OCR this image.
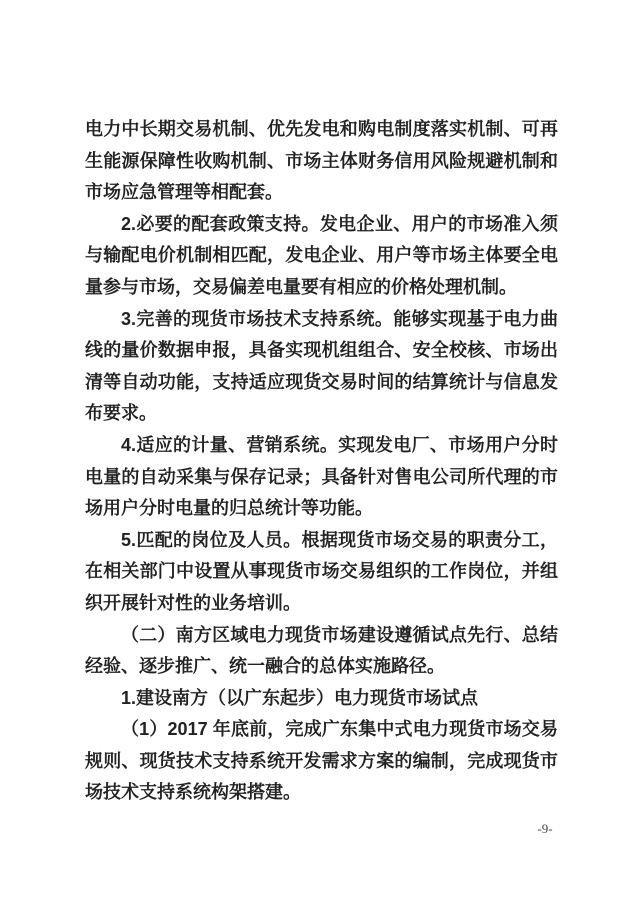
电力中长期交易机制、优先发电和购电制度落实机制、可再生能源保障性收购机制、市场主体财务信用风险规避机制和市场应急管理等相配套。

2.必要的配套政策支持。发电企业、用户的市场准入须与输配电价机制相匹配，发电企业、用户等市场主体要全电量参与市场，交易偏差电量要有相应的价格处理机制。

3.完善的现货市场技术支持系统。能够实现基于电力曲线的量价数据申报，具备实现机组组合、安全校核、市场出清等自动功能，支持适应现货交易时间的结算统计与信息发布要求。

4.适应的计量、营销系统。实现发电厂、市场用户分时电量的自动采集与保存记录；具备针对售电公司所代理的市场用户分时电量的归总统计等功能。

5.匹配的岗位及人员。根据现货市场交易的职责分工，在相关部门中设置从事现货市场交易组织的工作岗位，并组织开展针对性的业务培训。

（二）南方区域电力现货市场建设遵循试点先行、总结经验、逐步推广、统一融合的总体实施路径。

1.建设南方（以广东起步）电力现货市场试点

（1）2017 年底前，完成广东集中式电力现货市场交易规则、现货技术支持系统开发需求方案的编制，完成现货市场技术支持系统构架搭建。

-9-
